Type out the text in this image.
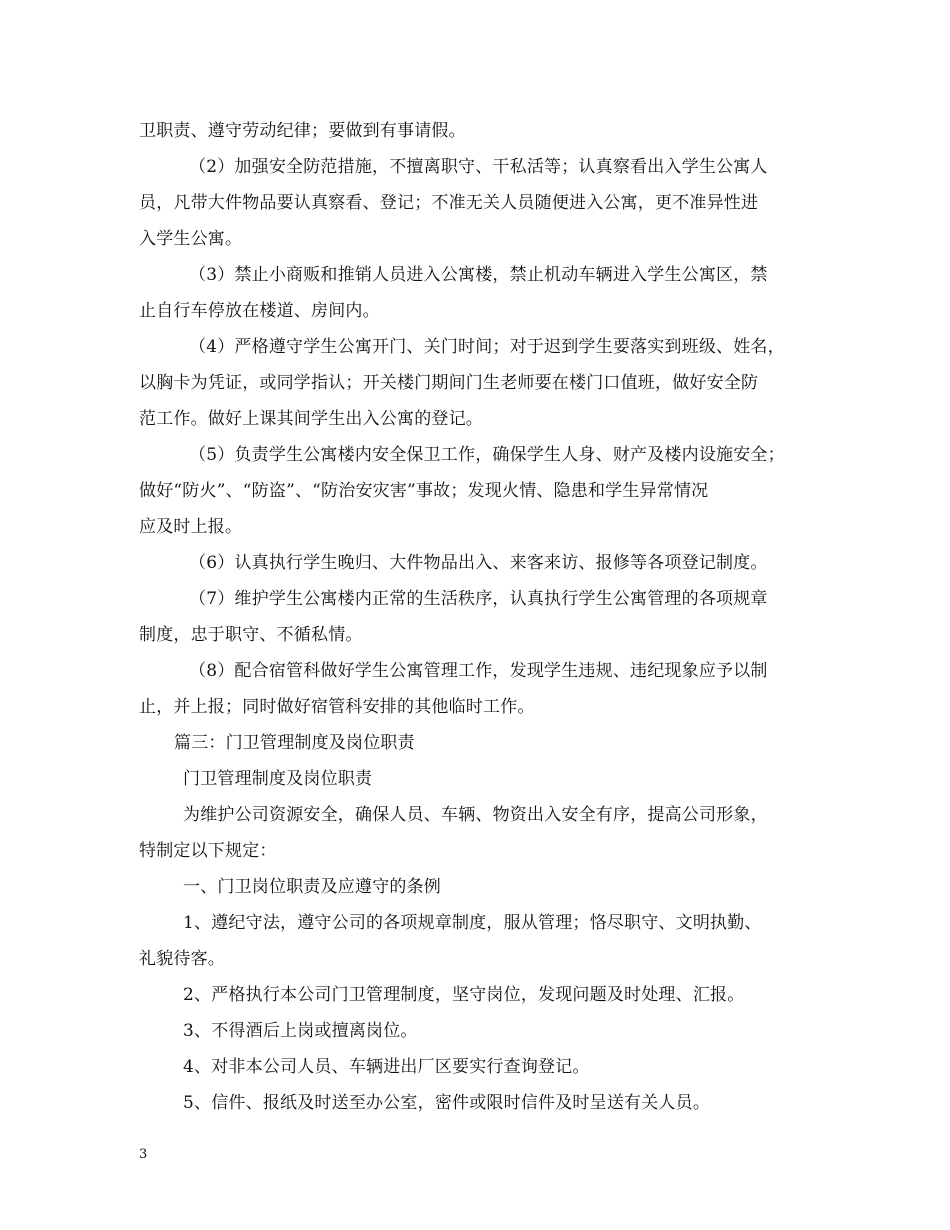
卫职责、遵守劳动纪律；要做到有事请假。
（2）加强安全防范措施，不擅离职守、干私活等；认真察看出入学生公寓人
员，凡带大件物品要认真察看、登记；不准无关人员随便进入公寓，更不准异性进
入学生公寓。
（3）禁止小商贩和推销人员进入公寓楼，禁止机动车辆进入学生公寓区，禁
止自行车停放在楼道、房间内。
（4）严格遵守学生公寓开门、关门时间；对于迟到学生要落实到班级、姓名，
以胸卡为凭证，或同学指认；开关楼门期间门生老师要在楼门口值班，做好安全防
范工作。做好上课其间学生出入公寓的登记。
（5）负责学生公寓楼内安全保卫工作，确保学生人身、财产及楼内设施安全；
做好“防火”、“防盗”、“防治安灾害”事故；发现火情、隐患和学生异常情况
应及时上报。
（6）认真执行学生晚归、大件物品出入、来客来访、报修等各项登记制度。
（7）维护学生公寓楼内正常的生活秩序，认真执行学生公寓管理的各项规章
制度，忠于职守、不循私情。
（8）配合宿管科做好学生公寓管理工作，发现学生违规、违纪现象应予以制
止，并上报；同时做好宿管科安排的其他临时工作。
篇三：门卫管理制度及岗位职责
门卫管理制度及岗位职责
为维护公司资源安全，确保人员、车辆、物资出入安全有序，提高公司形象，
特制定以下规定：
一、门卫岗位职责及应遵守的条例
1、遵纪守法，遵守公司的各项规章制度，服从管理；恪尽职守、文明执勤、
礼貌待客。
2、严格执行本公司门卫管理制度，坚守岗位，发现问题及时处理、汇报。
3、不得酒后上岗或擅离岗位。
4、对非本公司人员、车辆进出厂区要实行查询登记。
5、信件、报纸及时送至办公室，密件或限时信件及时呈送有关人员。
3
